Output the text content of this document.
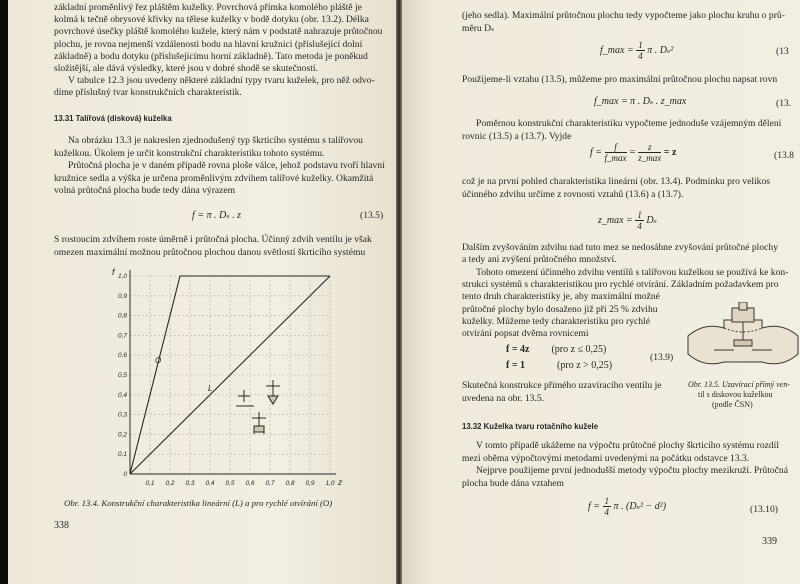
základní proměnlivý řez pláštěm kuželky. Povrchová přímka komolého pláště je
kolmá k tečně obrysové křivky na tělese kuželky v bodě dotyku (obr. 13.2). Délka
povrchové úsečky pláště komolého kužele, který nám v podstatě nahrazuje průtočnou
plochu, je rovna nejmenší vzdálenosti bodu na hlavní kružnici (příslušející dolní
základně) a bodu dotyku (příslušejícímu horní základně). Tato metoda je poněkud
složitější, ale dává výsledky, které jsou v dobré shodě se skutečností.
V tabulce 12.3 jsou uvedeny některé základní typy tvaru kuželek, pro něž odvo-
díme příslušný tvar konstrukčních charakteristik.
13.31 Talířová (disková) kuželka
Na obrázku 13.3 je nakreslen zjednodušený typ škrticího systému s talířovou
kuželkou. Úkolem je určit konstrukční charakteristiku tohoto systému.
Průtočná plocha je v daném případě rovna ploše válce, jehož podstavu tvoří hlavní
kružnice sedla a výška je určena proměnlivým zdvihem talířové kuželky. Okamžitá
volná průtočná plocha bude tedy dána výrazem
f = π . Dₛ . z	(13.5)
S rostoucím zdvihem roste úměrně i průtočná plocha. Účinný zdvih ventilu je však
omezen maximální možnou průtočnou plochou danou světlostí škrticího systému
0,1 0,2 0,3 0,4 0,5 0,6 0,7 0,8 0,9 1,0
0
0,1
0,2
0,3
0,4
0,5
0,6
0,7
0,8
0,9
1,0
f
z
O
L
Obr. 13.4. Konstrukční charakteristika lineární (L) a pro rychlé otvírání (O)
338
(jeho sedla). Maximální průtočnou plochu tedy vypočteme jako plochu kruhu o prů-
měru Dₛ
f_max = $\frac{1}{4}$ π . Dₛ²	(13
Použijeme-li vztahu (13.5), můžeme pro maximální průtočnou plochu napsat rovn
f_max = π . Dₛ . z_max	(13.
Poměrnou konstrukční charakteristiku vypočteme jednoduše vzájemným dělení
rovnic (13.5) a (13.7). Vyjde
$f = \frac{f}{f\_\max} = \frac{z}{z\_\max} = z$	(13.8
což je na první pohled charakteristika lineární (obr. 13.4). Podmínku pro velikos
účinného zdvihu určíme z rovnosti vztahů (13.6) a (13.7).
z_max = $\frac{1}{4}$ Dₛ
Dalším zvyšováním zdvihu nad tuto mez se nedosáhne zvyšování průtočné plochy
a tedy ani zvýšení průtočného množství.
Tohoto omezení účinného zdvihu ventilů s talířovou kuželkou se používá ke kon-
strukci systémů s charakteristikou pro rychlé otvírání. Základním požadavkem pro
tento druh charakteristiky je, aby maximální možné
průtočné plochy bylo dosaženo již při 25 % zdvihu
kuželky. Můžeme tedy charakteristiku pro rychlé
otvírání popsat dvěma rovnicemi
f = 4z (pro z ≤ 0,25)
f = 1	(pro z > 0,25)
(13.9)
Skutečná konstrukce přímého uzavíracího ventilu je
uvedena na obr. 13.5.
Obr. 13.5. Uzavírací přímý ven-
til s diskovou kuželkou
(podle ČSN)
13.32 Kuželka tvaru rotačního kužele
V tomto případě ukážeme na výpočtu průtočné plochy škrticího systému rozdíl
mezi oběma výpočtovými metodami uvedenými na počátku odstavce 13.3.
Nejprve použijeme první jednodušší metody výpočtu plochy mezikruží. Průtočná
plocha bude dána vztahem
$f = \frac{1}{4}$ π . (Dₛ² − d²)	(13.10)
339
